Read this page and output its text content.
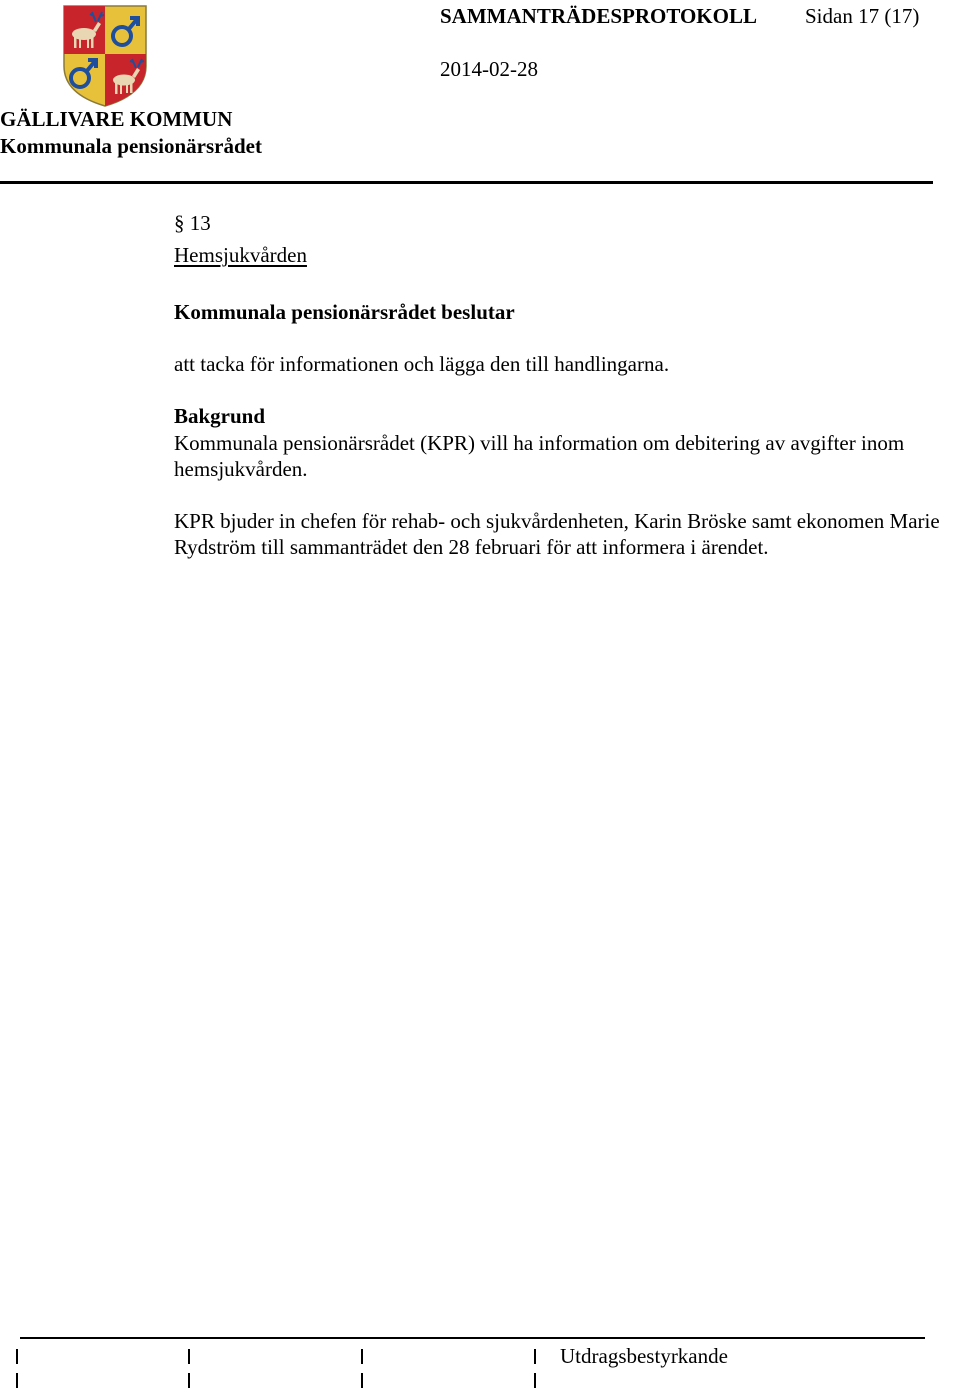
SAMMANTRÄDESPROTOKOLL Sidan 17 (17)
2014-02-28
GÄLLIVARE KOMMUN
Kommunala pensionärsrådet
§ 13
Hemsjukvården
Kommunala pensionärsrådet beslutar
att tacka för informationen och lägga den till handlingarna.
Bakgrund
Kommunala pensionärsrådet (KPR) vill ha information om debitering av avgifter inom hemsjukvården.
KPR bjuder in chefen för rehab- och sjukvårdenheten, Karin Bröske samt ekonomen Marie Rydström till sammanträdet den 28 februari för att informera i ärendet.
Utdragsbestyrkande
